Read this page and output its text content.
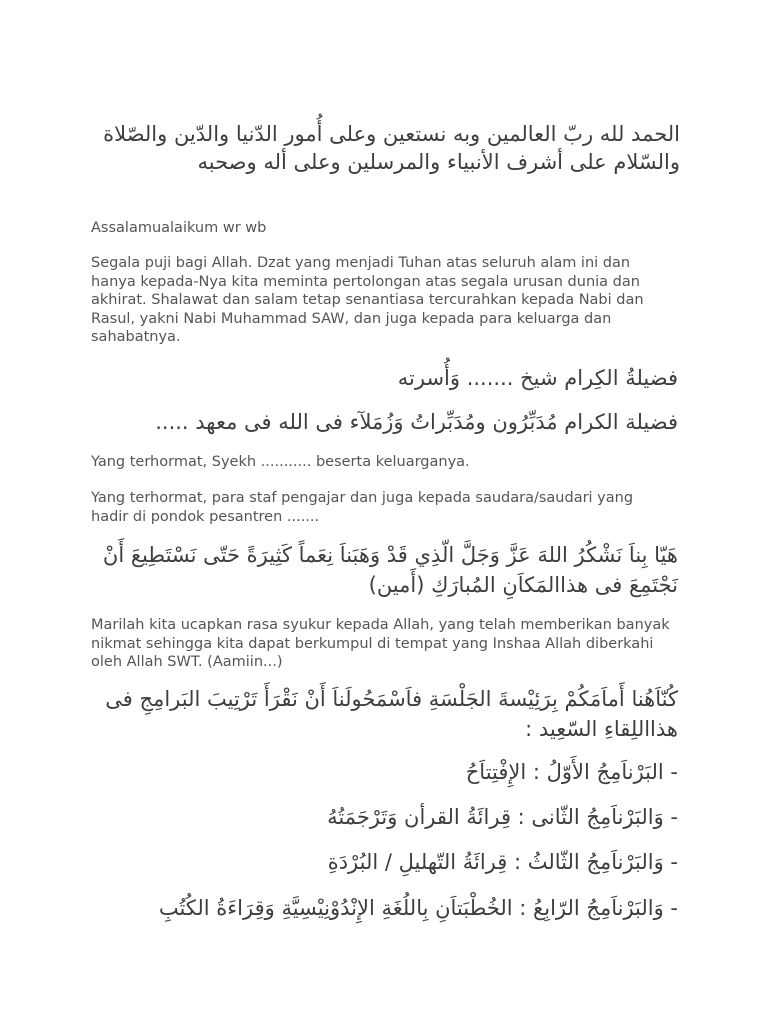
الحمد لله ربّ العالمين وبه نستعين وعلى أُمور الدّنيا والدّين والصّلاة والسّلام على أشرف الأنبياء والمرسلين وعلى أله وصحبه
Assalamualaikum wr wb
Segala puji bagi Allah. Dzat yang menjadi Tuhan atas seluruh alam ini dan hanya kepada-Nya kita meminta pertolongan atas segala urusan dunia dan akhirat. Shalawat dan salam tetap senantiasa tercurahkan kepada Nabi dan Rasul, yakni Nabi Muhammad SAW, dan juga kepada para keluarga dan sahabatnya.
فضيلةُ الكِرام شيخ ....... وَأُسرته
فضيلة الكرام مُدَبِّرُون ومُدَبِّراتُ وَزُمَلآء فى الله فى معهد .....
Yang terhormat, Syekh ........... beserta keluarganya.
Yang terhormat, para staf pengajar dan juga kepada saudara/saudari yang hadir di pondok pesantren .......
هَيّا بِناَ نَشْكُرُ اللهَ عَزَّ وَجَلَّ الّذِي قَدْ وَهَبَناَ نِعَماً كَثِيرَةً حَتّى نَسْتَطِيعَ أَنْ نَجْتَمِعَ فى هذاالمَكاَنِ المُبارَكِ (أَمين)
Marilah kita ucapkan rasa syukur kepada Allah, yang telah memberikan banyak nikmat sehingga kita dapat berkumpul di tempat yang Inshaa Allah diberkahi oleh Allah SWT. (Aamiin...)
كُنّاَهُنا أَماَمَكُمْ بِرَئِيْسةَ الجَلْسَةِ فاَسْمَحُولَناَ أَنْ نَقْرَأَ تَرْتِيبَ البَرامِجِ فى هذااللِقاءِ السّعِيد :
- البَرْناَمِجُ الأَوّلُ : الإِفْتِتاَحُ
- وَالبَرْناَمِجُ الثّانى : قِرائَةُ القرأن وَتَرْجَمَتُهُ
- وَالبَرْناَمِجُ الثّالثُ : قِرائَةُ التّهليلِ / البُرْدَةِ
- وَالبَرْناَمِجُ الرّابِعُ : الخُطْبَتاَنِ بِاللُغَةِ الإِنْدُوْنِيْسِيَّةِ وَقِرَاءَةُ الكُتُبِ
